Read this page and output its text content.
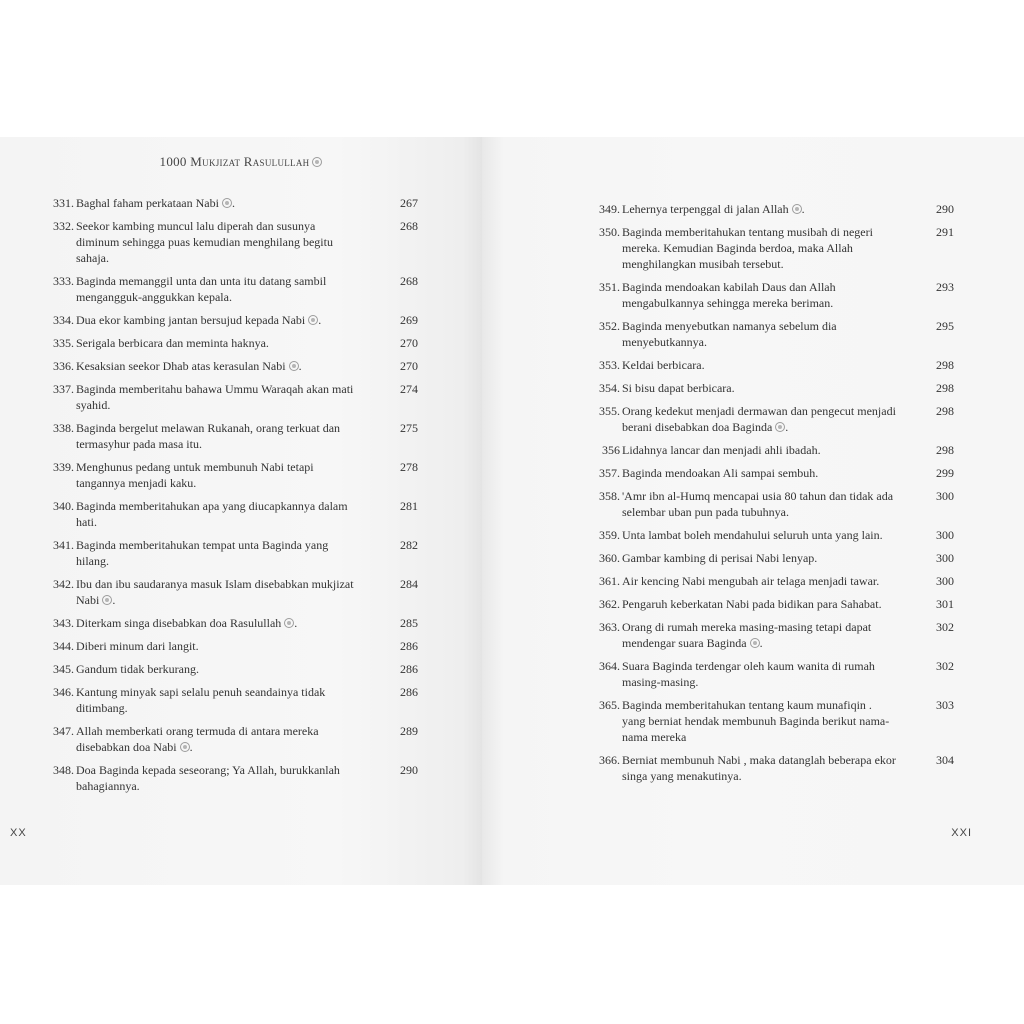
1000 Mukjizat Rasulullah
331. Baghal faham perkataan Nabi .	267
332. Seekor kambing muncul lalu diperah dan susunya diminum sehingga puas kemudian menghilang begitu sahaja.
268
333. Baginda memanggil unta dan unta itu datang sambil mengangguk-anggukkan kepala.
268
334. Dua ekor kambing jantan bersujud kepada Nabi .	269
335. Serigala berbicara dan meminta haknya.	270
336. Kesaksian seekor Dhab atas kerasulan Nabi .	270
337. Baginda memberitahu bahawa Ummu Waraqah akan mati syahid.
274
338. Baginda bergelut melawan Rukanah, orang terkuat dan termasyhur pada masa itu.
275
339. Menghunus pedang untuk membunuh Nabi tetapi tangannya menjadi kaku.
278
340. Baginda memberitahukan apa yang diucapkannya dalam hati.
281
341. Baginda memberitahukan tempat unta Baginda yang hilang.
282
342. Ibu dan ibu saudaranya masuk Islam disebabkan mukjizat Nabi .
284
343. Diterkam singa disebabkan doa Rasulullah .	285
344. Diberi minum dari langit.	286
345. Gandum tidak berkurang.	286
346. Kantung minyak sapi selalu penuh seandainya tidak ditimbang.
286
347. Allah memberkati orang termuda di antara mereka disebabkan doa Nabi .
289
348. Doa Baginda kepada seseorang; Ya Allah, burukkanlah bahagiannya.
290
XX
349. Lehernya terpenggal di jalan Allah .	290
350. Baginda memberitahukan tentang musibah di negeri mereka. Kemudian Baginda berdoa, maka Allah menghilangkan musibah tersebut.
291
351. Baginda mendoakan kabilah Daus dan Allah mengabulkannya sehingga mereka beriman.
293
352. Baginda menyebutkan namanya sebelum dia menyebutkannya.
295
353. Keldai berbicara.	298
354. Si bisu dapat berbicara.	298
355. Orang kedekut menjadi dermawan dan pengecut menjadi berani disebabkan doa Baginda .
298
356 Lidahnya lancar dan menjadi ahli ibadah.	298
357. Baginda mendoakan Ali sampai sembuh.	299
358. 'Amr ibn al-Humq mencapai usia 80 tahun dan tidak ada selembar uban pun pada tubuhnya.
300
359. Unta lambat boleh mendahului seluruh unta yang lain.	300
360. Gambar kambing di perisai Nabi lenyap.	300
361. Air kencing Nabi mengubah air telaga menjadi tawar.	300
362. Pengaruh keberkatan Nabi pada bidikan para Sahabat.	301
363. Orang di rumah mereka masing-masing tetapi dapat mendengar suara Baginda .
302
364. Suara Baginda terdengar oleh kaum wanita di rumah masing-masing.
302
365. Baginda memberitahukan tentang kaum munafiqin . yang berniat hendak membunuh Baginda berikut nama-nama mereka
303
366. Berniat membunuh Nabi , maka datanglah beberapa ekor singa yang menakutinya.
304
XXI
